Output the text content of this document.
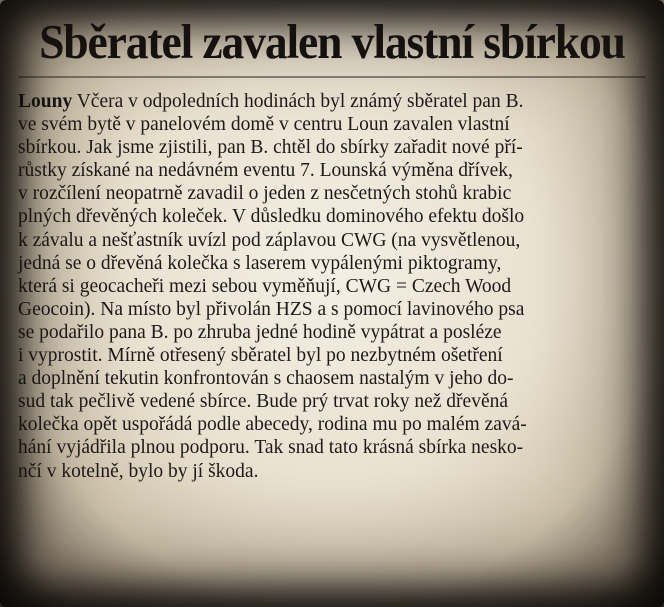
Sběratel zavalen vlastní sbírkou
Louny Včera v odpoledních hodinách byl známý sběratel pan B.
ve svém bytě v panelovém domě v centru Loun zavalen vlastní
sbírkou. Jak jsme zjistili, pan B. chtěl do sbírky zařadit nové pří-
růstky získané na nedávném eventu 7. Lounská výměna dřívek,
v rozčílení neopatrně zavadil o jeden z nesčetných stohů krabic
plných dřevěných koleček. V důsledku dominového efektu došlo
k závalu a nešťastník uvízl pod záplavou CWG (na vysvětlenou,
jedná se o dřevěná kolečka s laserem vypálenými piktogramy,
která si geocacheři mezi sebou vyměňují, CWG = Czech Wood
Geocoin). Na místo byl přivolán HZS a s pomocí lavinového psa
se podařilo pana B. po zhruba jedné hodině vypátrat a posléze
i vyprostit. Mírně otřesený sběratel byl po nezbytném ošetření
a doplnění tekutin konfrontován s chaosem nastalým v jeho do-
sud tak pečlivě vedené sbírce. Bude prý trvat roky než dřevěná
kolečka opět uspořádá podle abecedy, rodina mu po malém zavá-
hání vyjádřila plnou podporu. Tak snad tato krásná sbírka nesko-
nčí v kotelně, bylo by jí škoda.
